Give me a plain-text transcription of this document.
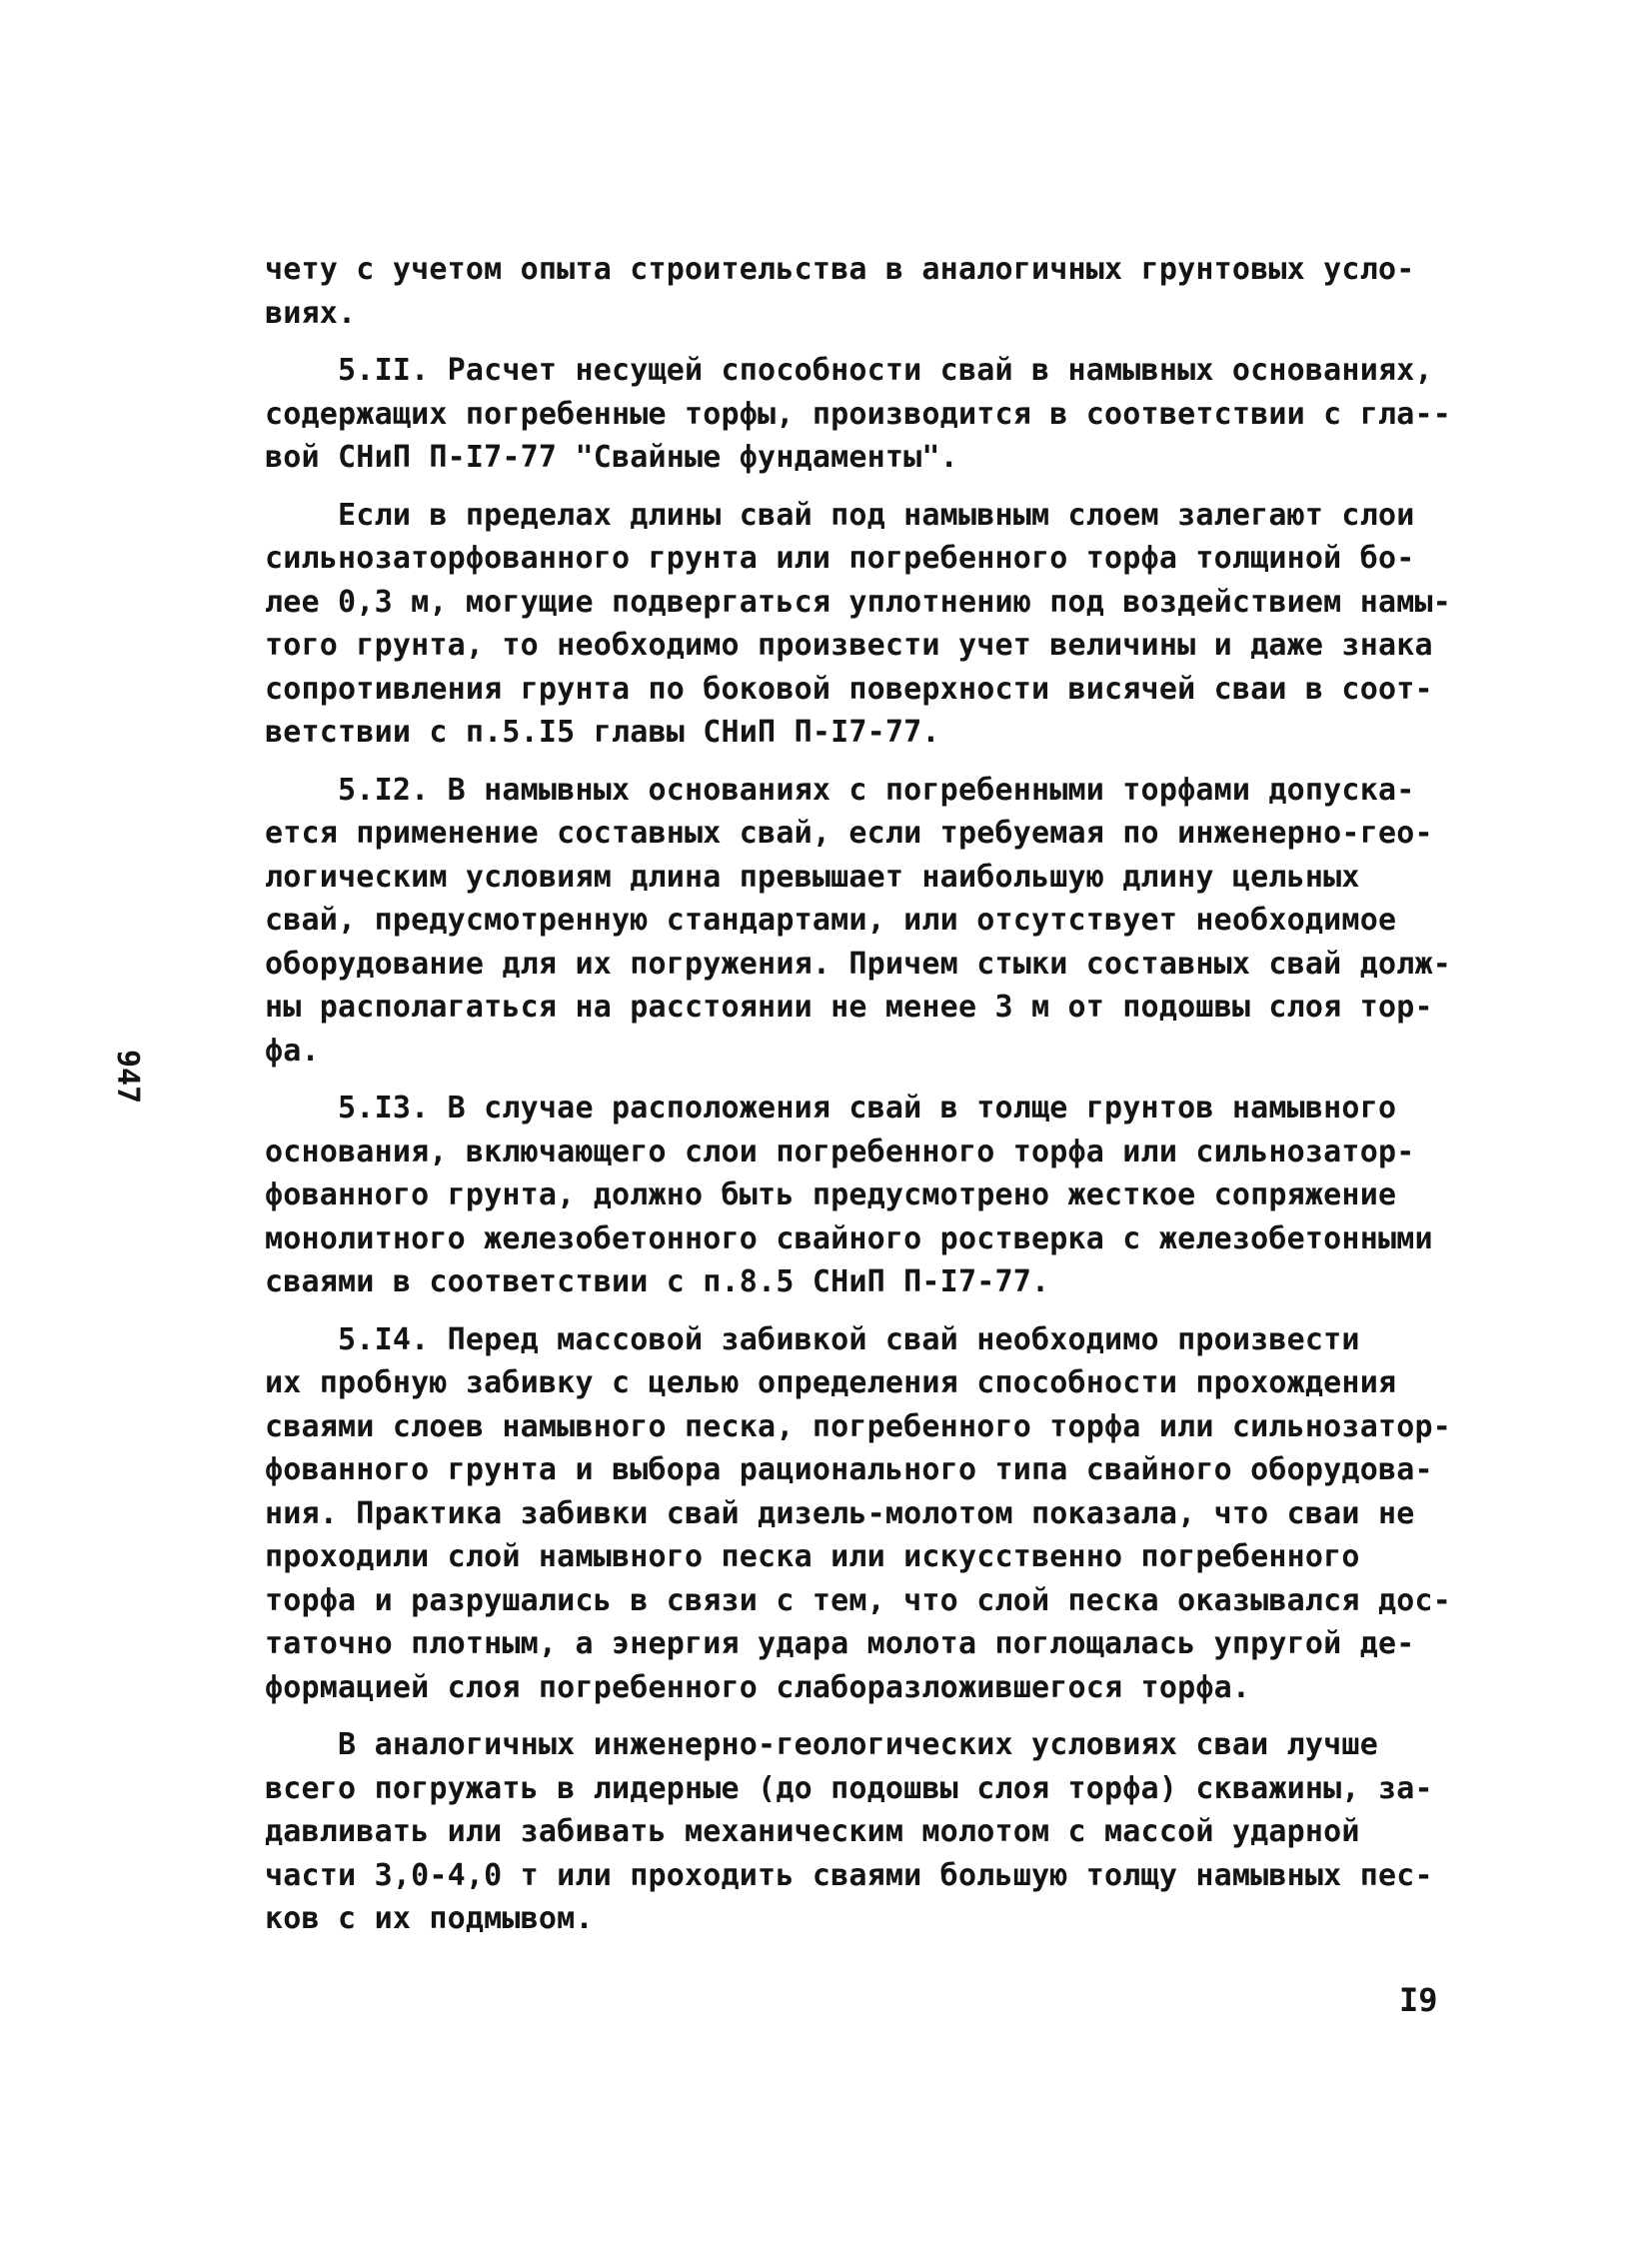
чету с учетом опыта строительства в аналогичных грунтовых усло-
виях.
5.II. Расчет несущей способности свай в намывных основаниях,
содержащих погребенные торфы, производится в соответствии с гла--
вой СНиП П-I7-77 "Свайные фундаменты".
Если в пределах длины свай под намывным слоем залегают слои
сильнозаторфованного грунта или погребенного торфа толщиной бо-
лее 0,3 м, могущие подвергаться уплотнению под воздействием намы-
того грунта, то необходимо произвести учет величины и даже знака
сопротивления грунта по боковой поверхности висячей сваи в соот-
ветствии с п.5.I5 главы СНиП П-I7-77.
5.I2. В намывных основаниях с погребенными торфами допуска-
ется применение составных свай, если требуемая по инженерно-гео-
логическим условиям длина превышает наибольшую длину цельных
свай, предусмотренную стандартами, или отсутствует необходимое
оборудование для их погружения. Причем стыки составных свай долж-
ны располагаться на расстоянии не менее 3 м от подошвы слоя тор-
фа.
5.I3. В случае расположения свай в толще грунтов намывного
основания, включающего слои погребенного торфа или сильнозатор-
фованного грунта, должно быть предусмотрено жесткое сопряжение
монолитного железобетонного свайного ростверка с железобетонными
сваями в соответствии с п.8.5 СНиП П-I7-77.
5.I4. Перед массовой забивкой свай необходимо произвести
их пробную забивку с целью определения способности прохождения
сваями слоев намывного песка, погребенного торфа или сильнозатор-
фованного грунта и выбора рационального типа свайного оборудова-
ния. Практика забивки свай дизель-молотом показала, что сваи не
проходили слой намывного песка или искусственно погребенного
торфа и разрушались в связи с тем, что слой песка оказывался дос-
таточно плотным, а энергия удара молота поглощалась упругой де-
формацией слоя погребенного слаборазложившегося торфа.
В аналогичных инженерно-геологических условиях сваи лучше
всего погружать в лидерные (до подошвы слоя торфа) скважины, за-
давливать или забивать механическим молотом с массой ударной
части 3,0-4,0 т или проходить сваями большую толщу намывных пес-
ков с их подмывом.
947
I9
